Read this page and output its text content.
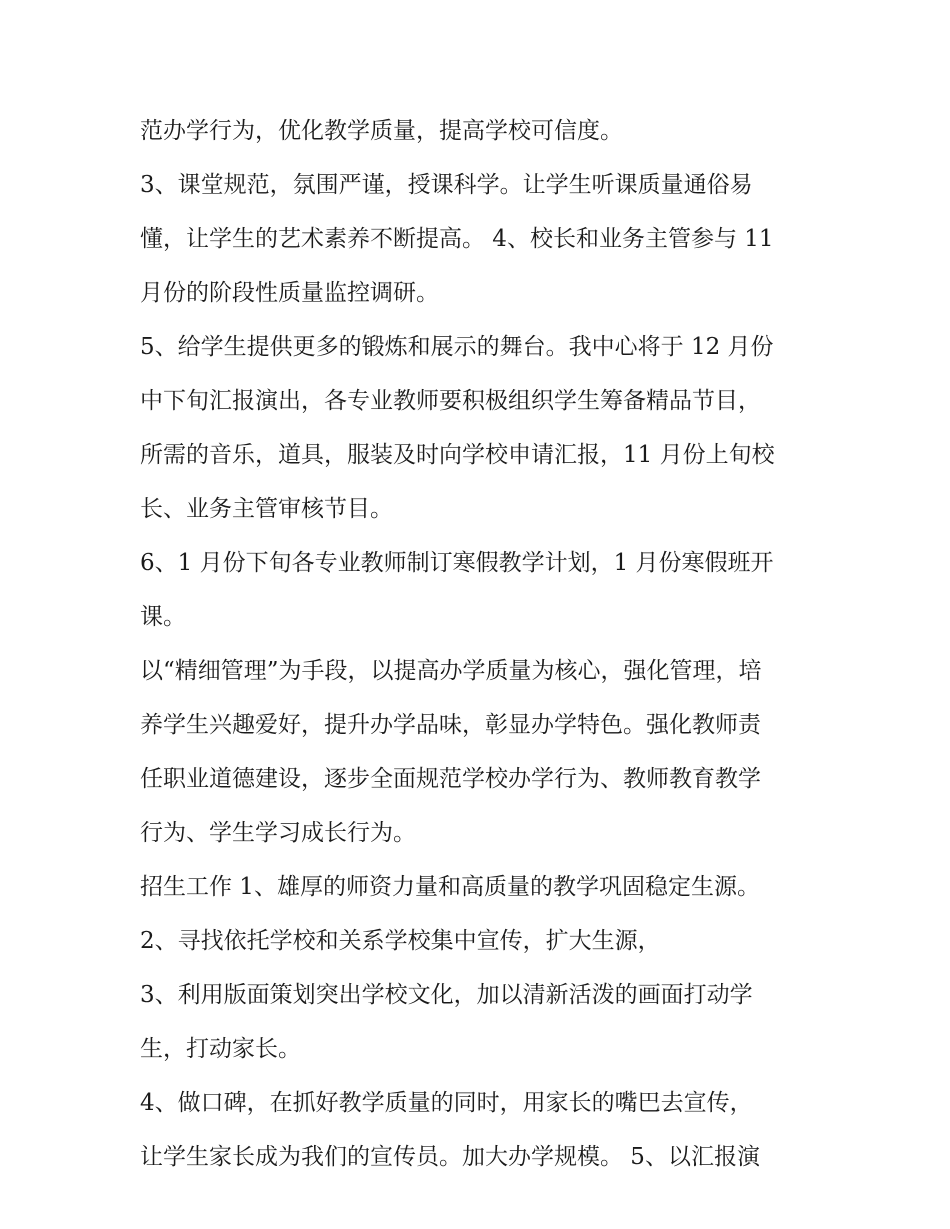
范办学行为，优化教学质量，提高学校可信度。
3、课堂规范，氛围严谨，授课科学。让学生听课质量通俗易
懂，让学生的艺术素养不断提高。 4、校长和业务主管参与 11
月份的阶段性质量监控调研。
5、给学生提供更多的锻炼和展示的舞台。我中心将于 12 月份
中下旬汇报演出，各专业教师要积极组织学生筹备精品节目，
所需的音乐，道具，服装及时向学校申请汇报，11 月份上旬校
长、业务主管审核节目。
6、1 月份下旬各专业教师制订寒假教学计划，1 月份寒假班开
课。
以“精细管理”为手段，以提高办学质量为核心，强化管理，培
养学生兴趣爱好，提升办学品味，彰显办学特色。强化教师责
任职业道德建设，逐步全面规范学校办学行为、教师教育教学
行为、学生学习成长行为。
招生工作 1、雄厚的师资力量和高质量的教学巩固稳定生源。
2、寻找依托学校和关系学校集中宣传，扩大生源，
3、利用版面策划突出学校文化，加以清新活泼的画面打动学
生，打动家长。
4、做口碑，在抓好教学质量的同时，用家长的嘴巴去宣传，
让学生家长成为我们的宣传员。加大办学规模。 5、以汇报演
